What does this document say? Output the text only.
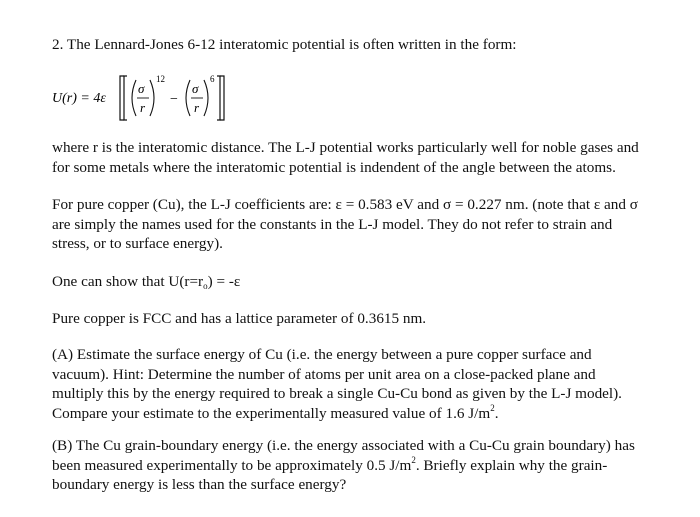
2. The Lennard-Jones 6-12 interatomic potential is often written in the form:
U(r) = 4ε
σ
r
12
−
σ
r
6

where r is the interatomic distance. The L-J potential works particularly well for noble gases and

for some metals where the interatomic potential is indendent of the angle between the atoms.

For pure copper (Cu), the L-J coefficients are: ε = 0.583 eV and σ = 0.227 nm. (note that ε and σ

are simply the names used for the constants in the L-J model. They do not refer to strain and

stress, or to surface energy).

One can show that $U(r=r_o) = -\varepsilon$

Pure copper is FCC and has a lattice parameter of 0.3615 nm.

(A) Estimate the surface energy of Cu (i.e. the energy between a pure copper surface and

vacuum). Hint: Determine the number of atoms per unit area on a close-packed plane and

multiply this by the energy required to break a single Cu-Cu bond as given by the L-J model).

Compare your estimate to the experimentally measured value of 1.6 $J/m^2$.

(B) The Cu grain-boundary energy (i.e. the energy associated with a Cu-Cu grain boundary) has

been measured experimentally to be approximately 0.5 $J/m^2$. Briefly explain why the grain-

boundary energy is less than the surface energy?
